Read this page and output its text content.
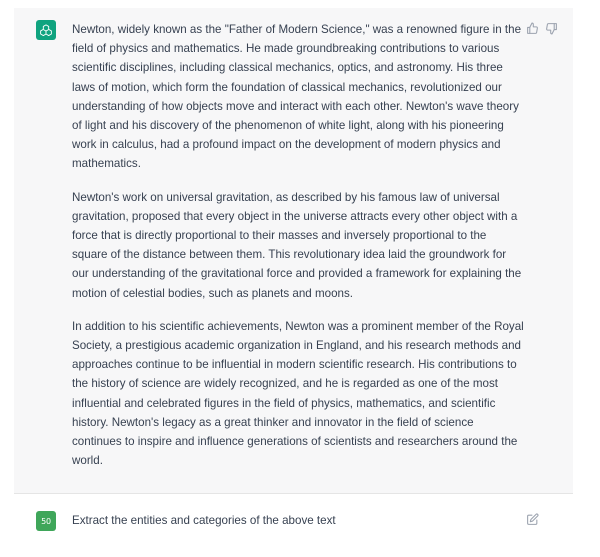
Newton, widely known as the "Father of Modern Science," was a renowned figure in the field of physics and mathematics. He made groundbreaking contributions to various scientific disciplines, including classical mechanics, optics, and astronomy. His three laws of motion, which form the foundation of classical mechanics, revolutionized our understanding of how objects move and interact with each other. Newton's wave theory of light and his discovery of the phenomenon of white light, along with his pioneering work in calculus, had a profound impact on the development of modern physics and mathematics.

Newton's work on universal gravitation, as described by his famous law of universal gravitation, proposed that every object in the universe attracts every other object with a force that is directly proportional to their masses and inversely proportional to the square of the distance between them. This revolutionary idea laid the groundwork for our understanding of the gravitational force and provided a framework for explaining the motion of celestial bodies, such as planets and moons.

In addition to his scientific achievements, Newton was a prominent member of the Royal Society, a prestigious academic organization in England, and his research methods and approaches continue to be influential in modern scientific research. His contributions to the history of science are widely recognized, and he is regarded as one of the most influential and celebrated figures in the field of physics, mathematics, and scientific history. Newton's legacy as a great thinker and innovator in the field of science continues to inspire and influence generations of scientists and researchers around the world.

50	Extract the entities and categories of the above text
